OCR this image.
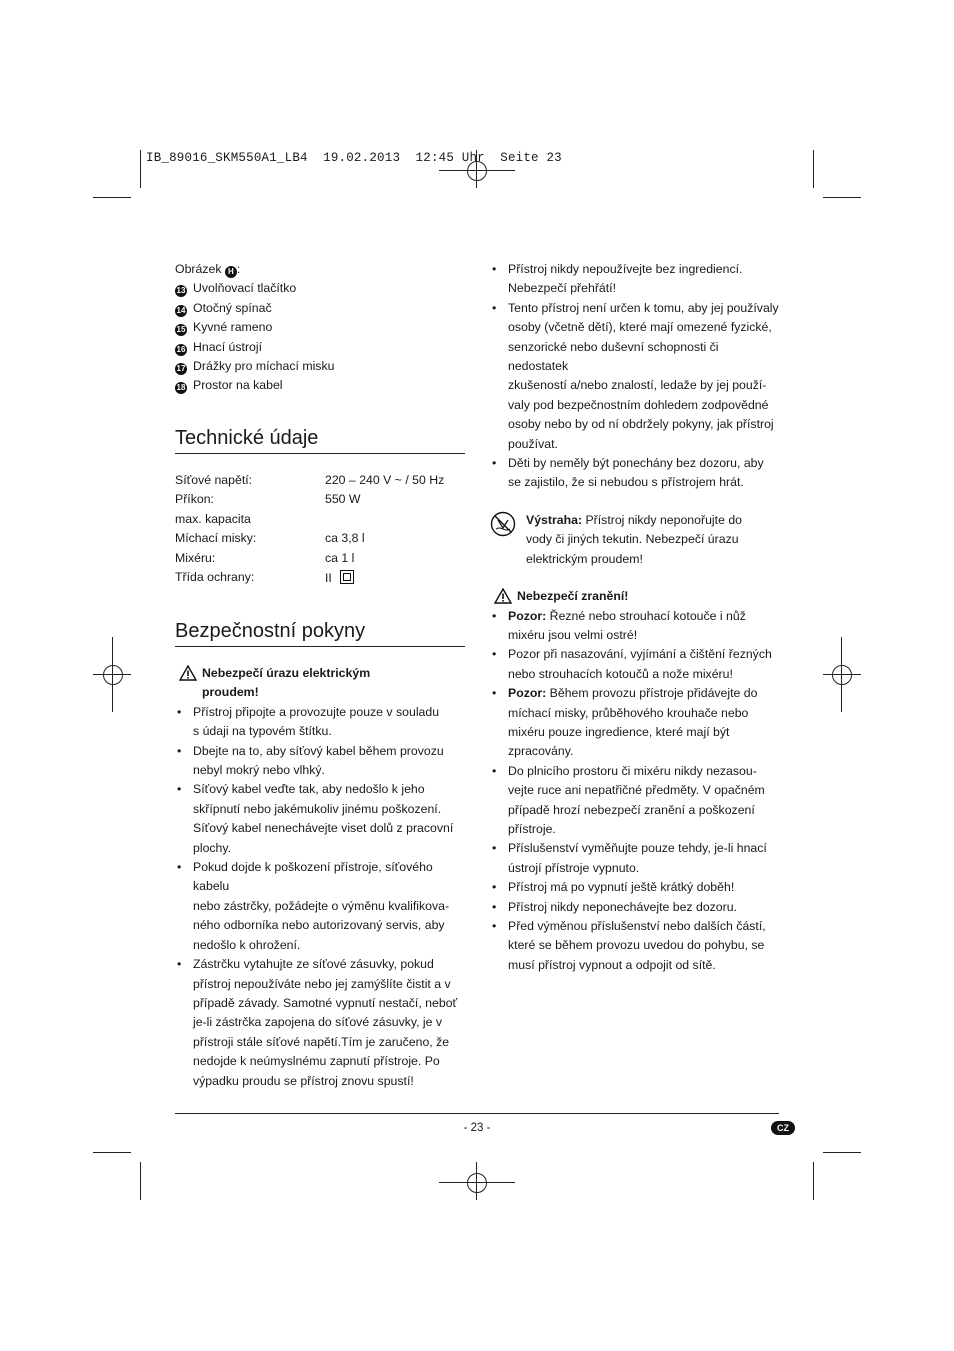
IB_89016_SKM550A1_LB4  19.02.2013  12:45 Uhr  Seite 23
Obrázek H :
13 Uvolňovací tlačítko
14 Otočný spínač
15 Kyvné rameno
16 Hnací ústrojí
17 Drážky pro míchací misku
18 Prostor na kabel
Technické údaje
Síťové napětí:	220 – 240 V ~ / 50 Hz
Příkon:	550 W
max. kapacita
Míchací misky:	ca 3,8 l
Mixéru:	ca 1 l
Třída ochrany:	II
Bezpečnostní pokyny
Nebezpečí úrazu elektrickým
proudem!
• Přístroj připojte a provozujte pouze v souladu
s údaji na typovém štítku.
• Dbejte na to, aby síťový kabel během provozu
nebyl mokrý nebo vlhký.
• Síťový kabel veďte tak, aby nedošlo k jeho
skřípnutí nebo jakémukoliv jinému poškození.
Síťový kabel nenechávejte viset dolů z pracovní
plochy.
• Pokud dojde k poškození přístroje, síťového kabelu
nebo zástrčky, požádejte o výměnu kvalifikova-
ného odborníka nebo autorizovaný servis, aby
nedošlo k ohrožení.
• Zástrčku vytahujte ze síťové zásuvky, pokud
přístroj nepoužíváte nebo jej zamýšlíte čistit a v
případě závady. Samotné vypnutí nestačí, neboť
je-li zástrčka zapojena do síťové zásuvky, je v
přístroji stále síťové napětí.Tím je zaručeno, že
nedojde k neúmyslnému zapnutí přístroje. Po
výpadku proudu se přístroj znovu spustí!
• Přístroj nikdy nepoužívejte bez ingrediencí.
Nebezpečí přehřátí!
• Tento přístroj není určen k tomu, aby jej používaly
osoby (včetně dětí), které mají omezené fyzické,
senzorické nebo duševní schopnosti či nedostatek
zkušeností a/nebo znalostí, ledaže by jej použí-
valy pod bezpečnostním dohledem zodpovědné
osoby nebo by od ní obdržely pokyny, jak přístroj
používat.
• Děti by neměly být ponechány bez dozoru, aby
se zajistilo, že si nebudou s přístrojem hrát.
Výstraha: Přístroj nikdy neponořujte do
vody či jiných tekutin. Nebezpečí úrazu
elektrickým proudem!
Nebezpečí zranění!
• Pozor: Řezné nebo strouhací kotouče i nůž
mixéru jsou velmi ostré!
• Pozor při nasazování, vyjímání a čištění řezných
nebo strouhacích kotoučů a nože mixéru!
• Pozor: Během provozu přístroje přidávejte do
míchací misky, průběhového krouhače nebo
mixéru pouze ingredience, které mají být
zpracovány.
• Do plnicího prostoru či mixéru nikdy nezasou-
vejte ruce ani nepatřičné předměty. V opačném
případě hrozí nebezpečí zranění a poškození
přístroje.
• Příslušenství vyměňujte pouze tehdy, je-li hnací
ústrojí přístroje vypnuto.
• Přístroj má po vypnutí ještě krátký doběh!
• Přístroj nikdy neponechávejte bez dozoru.
• Před výměnou příslušenství nebo dalších částí,
které se během provozu uvedou do pohybu, se
musí přístroj vypnout a odpojit od sítě.
- 23 -	CZ
